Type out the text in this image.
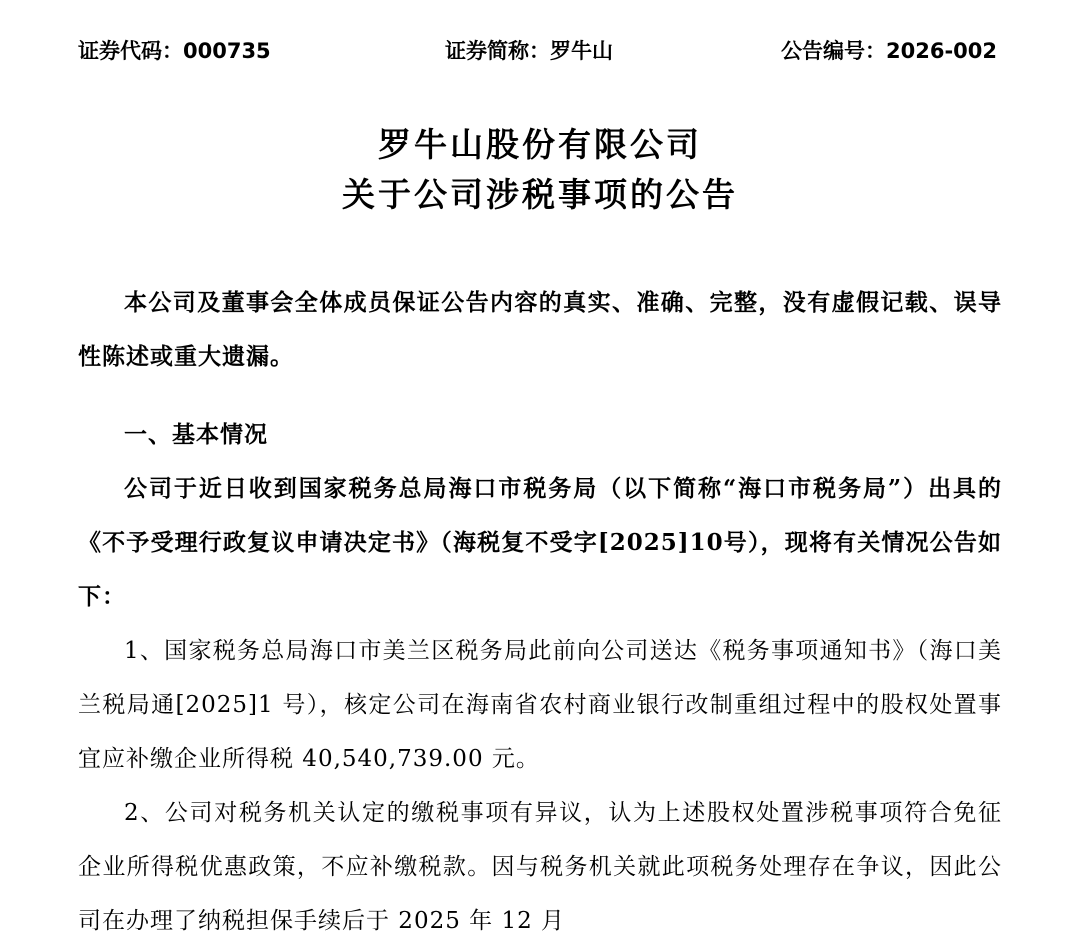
证券代码：000735	证券简称：罗牛山	公告编号：2026-002
罗牛山股份有限公司
关于公司涉税事项的公告

本公司及董事会全体成员保证公告内容的真实、准确、完整，没有虚假记载、误导性陈述或重大遗漏。

一、基本情况

公司于近日收到国家税务总局海口市税务局（以下简称“海口市税务局”）出具的《不予受理行政复议申请决定书》（海税复不受字[2025]10号），现将有关情况公告如下：

1、国家税务总局海口市美兰区税务局此前向公司送达《税务事项通知书》（海口美兰税局通[2025]1 号），核定公司在海南省农村商业银行改制重组过程中的股权处置事宜应补缴企业所得税 40,540,739.00 元。

2、公司对税务机关认定的缴税事项有异议，认为上述股权处置涉税事项符合免征企业所得税优惠政策，不应补缴税款。因与税务机关就此项税务处理存在争议，因此公司在办理了纳税担保手续后于 2025 年 12 月
